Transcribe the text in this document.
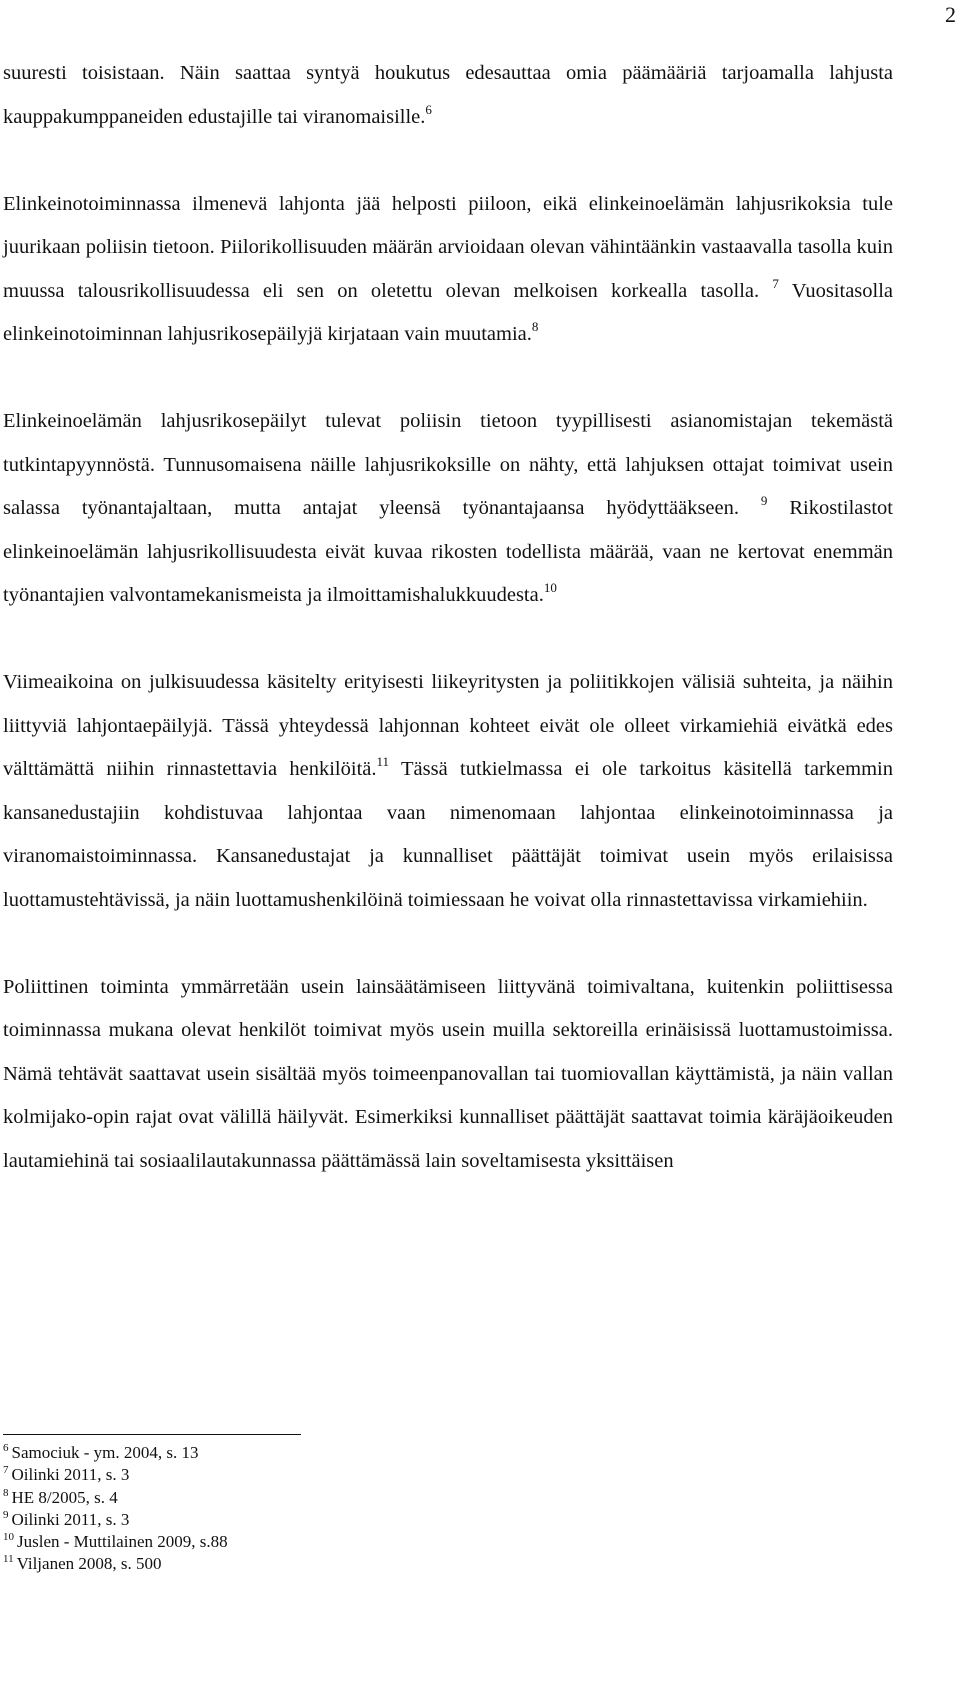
2

suuresti toisistaan. Näin saattaa syntyä houkutus edesauttaa omia päämääriä tarjoamalla lahjusta kauppakumppaneiden edustajille tai viranomaisille.$^6$

Elinkeinotoiminnassa ilmenevä lahjonta jää helposti piiloon, eikä elinkeinoelämän lahjusrikoksia tule juurikaan poliisin tietoon. Piilorikollisuuden määrän arvioidaan olevan vähintäänkin vastaavalla tasolla kuin muussa talousrikollisuudessa eli sen on oletettu olevan melkoisen korkealla tasolla. $^7$ Vuositasolla elinkeinotoiminnan lahjusrikosepäilyjä kirjataan vain muutamia.$^8$

Elinkeinoelämän lahjusrikosepäilyt tulevat poliisin tietoon tyypillisesti asianomistajan tekemästä tutkintapyynnöstä. Tunnusomaisena näille lahjusrikoksille on nähty, että lahjuksen ottajat toimivat usein salassa työnantajaltaan, mutta antajat yleensä työnantajaansa hyödyttääkseen. $^9$ Rikostilastot elinkeinoelämän lahjusrikollisuudesta eivät kuvaa rikosten todellista määrää, vaan ne kertovat enemmän työnantajien valvontamekanismeista ja ilmoittamishalukkuudesta.$^{10}$

Viimeaikoina on julkisuudessa käsitelty erityisesti liikeyritysten ja poliitikkojen välisiä suhteita, ja näihin liittyviä lahjontaepäilyjä. Tässä yhteydessä lahjonnan kohteet eivät ole olleet virkamiehiä eivätkä edes välttämättä niihin rinnastettavia henkilöitä.$^{11}$ Tässä tutkielmassa ei ole tarkoitus käsitellä tarkemmin kansanedustajiin kohdistuvaa lahjontaa vaan nimenomaan lahjontaa elinkeinotoiminnassa ja viranomaistoiminnassa. Kansanedustajat ja kunnalliset päättäjät toimivat usein myös erilaisissa luottamustehtävissä, ja näin luottamushenkilöinä toimiessaan he voivat olla rinnastettavissa virkamiehiin.

Poliittinen toiminta ymmärretään usein lainsäätämiseen liittyvänä toimivaltana, kuitenkin poliittisessa toiminnassa mukana olevat henkilöt toimivat myös usein muilla sektoreilla erinäisissä luottamustoimissa. Nämä tehtävät saattavat usein sisältää myös toimeenpanovallan tai tuomiovallan käyttämistä, ja näin vallan kolmijako-opin rajat ovat välillä häilyvät. Esimerkiksi kunnalliset päättäjät saattavat toimia käräjäoikeuden lautamiehinä tai sosiaalilautakunnassa päättämässä lain soveltamisesta yksittäisen

$^6$ Samociuk - ym. 2004, s. 13
$^7$ Oilinki 2011, s. 3
$^8$ HE 8/2005, s. 4
$^9$ Oilinki 2011, s. 3
$^{10}$ Juslen - Muttilainen 2009, s.88
$^{11}$ Viljanen 2008, s. 500
